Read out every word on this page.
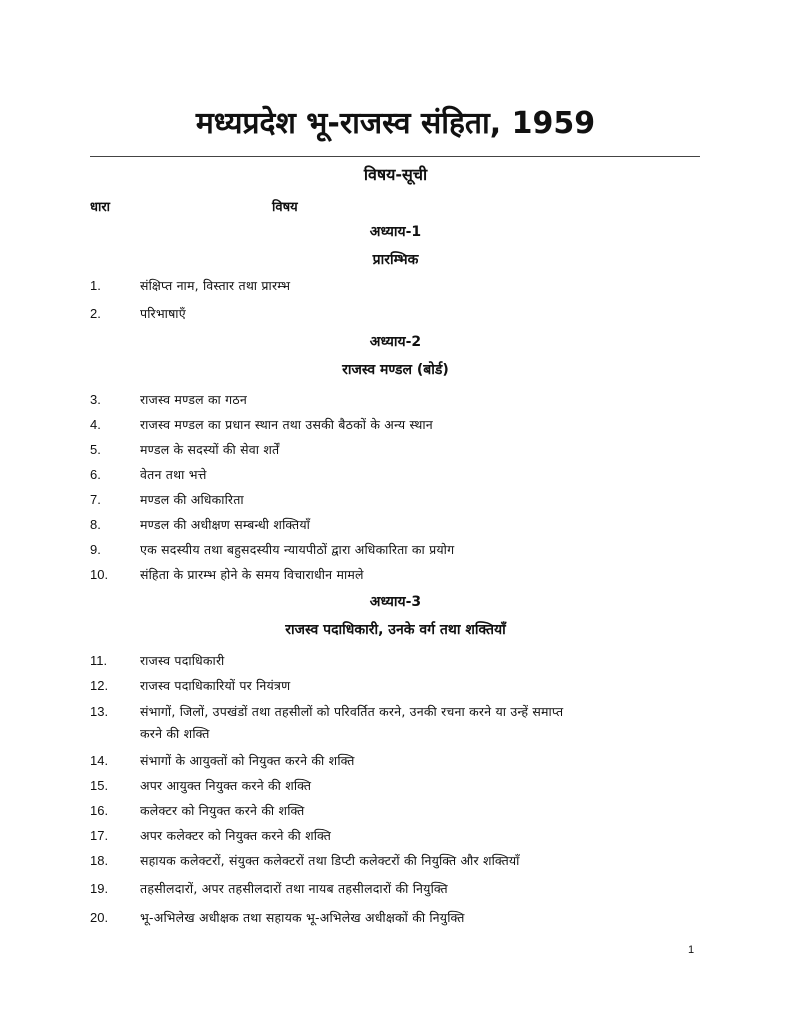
मध्यप्रदेश भू-राजस्व संहिता, 1959
विषय-सूची
धारा	विषय
अध्याय-1
प्रारम्भिक
1.	संक्षिप्त नाम, विस्तार तथा प्रारम्भ
2.	परिभाषाएँ
अध्याय-2
राजस्व मण्डल (बोर्ड)
3.	राजस्व मण्डल का गठन
4.	राजस्व मण्डल का प्रधान स्थान तथा उसकी बैठकों के अन्य स्थान
5.	मण्डल के सदस्यों की सेवा शर्तें
6.	वेतन तथा भत्ते
7.	मण्डल की अधिकारिता
8.	मण्डल की अधीक्षण सम्बन्धी शक्तियाँ
9.	एक सदस्यीय तथा बहुसदस्यीय न्यायपीठों द्वारा अधिकारिता का प्रयोग
10.	संहिता के प्रारम्भ होने के समय विचाराधीन मामले
अध्याय-3
राजस्व पदाधिकारी, उनके वर्ग तथा शक्तियाँ
11.	राजस्व पदाधिकारी
12.	राजस्व पदाधिकारियों पर नियंत्रण
13.	संभागों, जिलों, उपखंडों तथा तहसीलों को परिवर्तित करने, उनकी रचना करने या उन्हें समाप्त
करने की शक्ति
14.	संभागों के आयुक्तों को नियुक्त करने की शक्ति
15.	अपर आयुक्त नियुक्त करने की शक्ति
16.	कलेक्टर को नियुक्त करने की शक्ति
17.	अपर कलेक्टर को नियुक्त करने की शक्ति
18.	सहायक कलेक्टरों, संयुक्त कलेक्टरों तथा डिप्टी कलेक्टरों की नियुक्ति और शक्तियाँ
19.	तहसीलदारों, अपर तहसीलदारों तथा नायब तहसीलदारों की नियुक्ति
20.	भू-अभिलेख अधीक्षक तथा सहायक भू-अभिलेख अधीक्षकों की नियुक्ति
1
